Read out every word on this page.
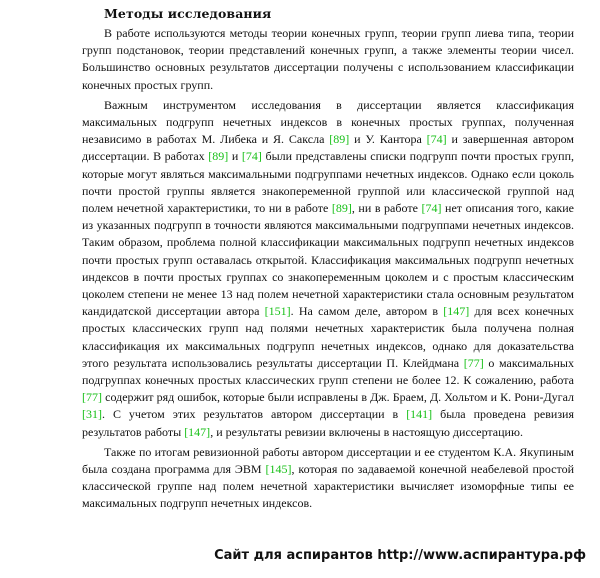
Методы исследования

В работе используются методы теории конечных групп, теории групп лиева типа, теории групп подстановок, теории представлений конечных групп, а также элементы теории чисел. Большинство основных результатов диссертации получены с использованием классификации конечных простых групп.

Важным инструментом исследования в диссертации является классификация максимальных подгрупп нечетных индексов в конечных простых группах, полученная независимо в работах М. Либека и Я. Саксла [89] и У. Кантора [74] и завершенная автором диссертации. В работах [89] и [74] были представлены списки подгрупп почти простых групп, которые могут являться максимальными подгруппами нечетных индексов. Однако если цоколь почти простой группы является знакопеременной группой или классической группой над полем нечетной характеристики, то ни в работе [89], ни в работе [74] нет описания того, какие из указанных подгрупп в точности являются максимальными подгруппами нечетных индексов. Таким образом, проблема полной классификации максимальных подгрупп нечетных индексов почти простых групп оставалась открытой. Классификация максимальных подгрупп нечетных индексов в почти простых группах со знакопеременным цоколем и с простым классическим цоколем степени не менее 13 над полем нечетной характеристики стала основным результатом кандидатской диссертации автора [151]. На самом деле, автором в [147] для всех конечных простых классических групп над полями нечетных характеристик была получена полная классификация их максимальных подгрупп нечетных индексов, однако для доказательства этого результата использовались результаты диссертации П. Клейдмана [77] о максимальных подгруппах конечных простых классических групп степени не более 12. К сожалению, работа [77] содержит ряд ошибок, которые были исправлены в Дж. Браем, Д. Хольтом и К. Рони-Дугал [31]. С учетом этих результатов автором диссертации в [141] была проведена ревизия результатов работы [147], и результаты ревизии включены в настоящую диссертацию.

Также по итогам ревизионной работы автором диссертации и ее студентом К.А. Якупиным была создана программа для ЭВМ [145], которая по задаваемой конечной неабелевой простой классической группе над полем нечетной характеристики вычисляет изоморфные типы ее максимальных подгрупп нечетных индексов.

Сайт для аспирантов http://www.аспирантура.рф
